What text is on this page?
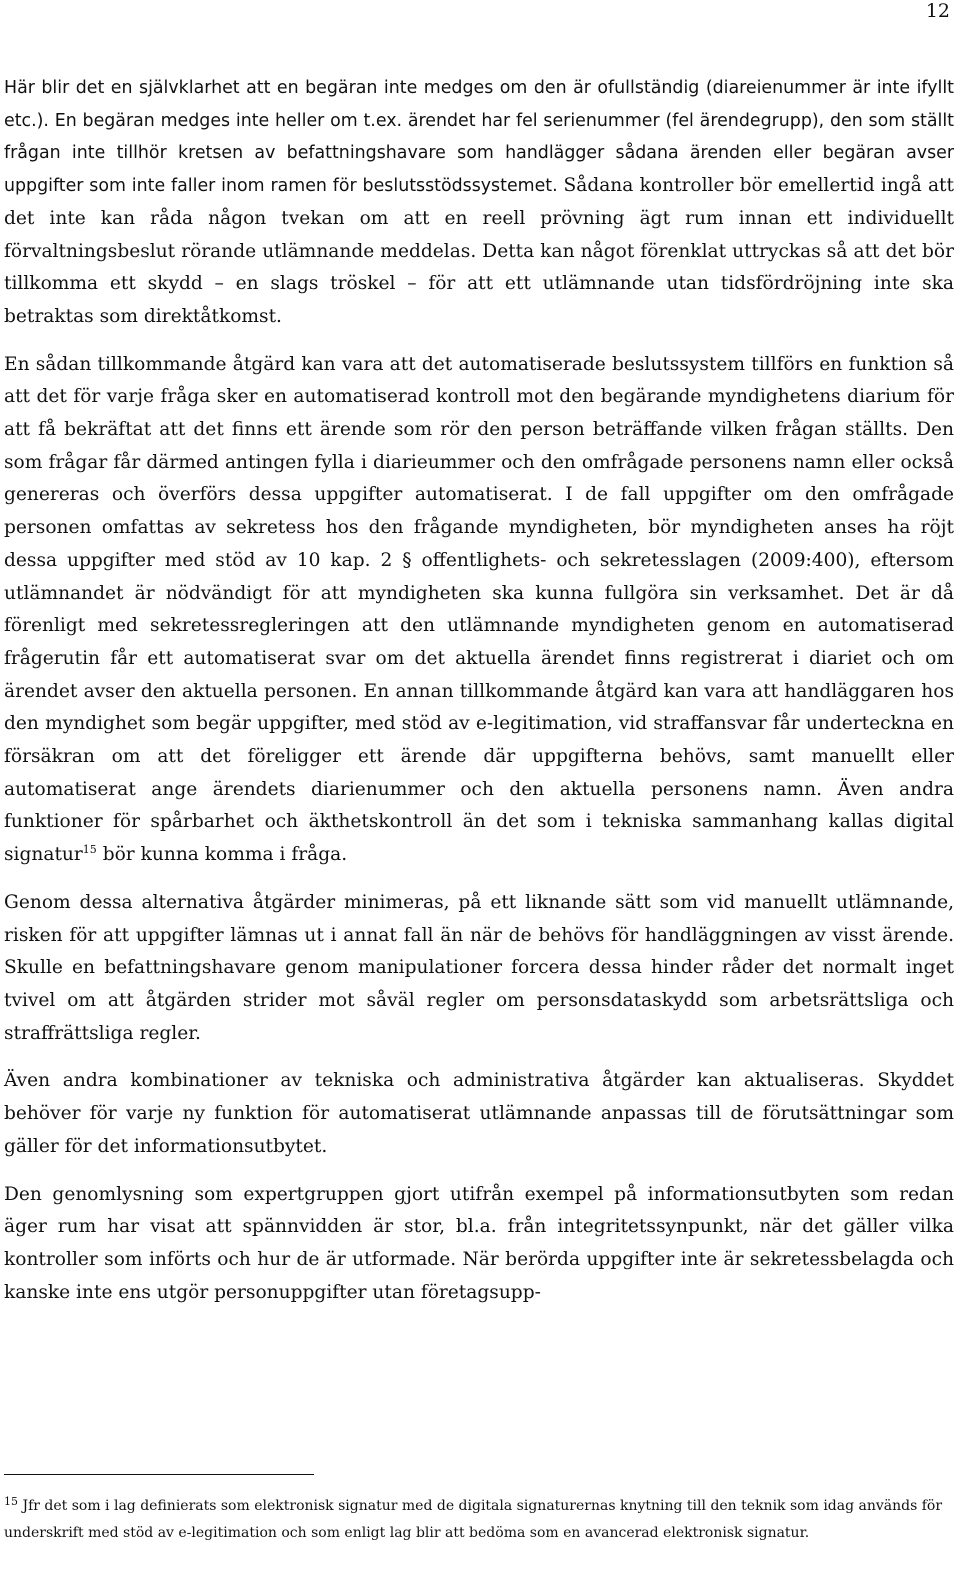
12

Här blir det en självklarhet att en begäran inte medges om den är ofullständig (diareienummer är inte ifyllt etc.). En begäran medges inte heller om t.ex. ärendet har fel serienummer (fel ärendegrupp), den som ställt frågan inte tillhör kretsen av befattningshavare som handlägger sådana ärenden eller begäran avser uppgifter som inte faller inom ramen för beslutsstödssystemet. Sådana kontroller bör emellertid ingå att det inte kan råda någon tvekan om att en reell prövning ägt rum innan ett individuellt förvaltningsbeslut rörande utlämnande meddelas. Detta kan något förenklat uttryckas så att det bör tillkomma ett skydd – en slags tröskel – för att ett utlämnande utan tidsfördröjning inte ska betraktas som direktåtkomst.

En sådan tillkommande åtgärd kan vara att det automatiserade beslutssystem tillförs en funktion så att det för varje fråga sker en automatiserad kontroll mot den begärande myndighetens diarium för att få bekräftat att det finns ett ärende som rör den person beträffande vilken frågan ställts. Den som frågar får därmed antingen fylla i diarieummer och den omfrågade personens namn eller också genereras och överförs dessa uppgifter automatiserat. I de fall uppgifter om den omfrågade personen omfattas av sekretess hos den frågande myndigheten, bör myndigheten anses ha röjt dessa uppgifter med stöd av 10 kap. 2 § offentlighets- och sekretesslagen (2009:400), eftersom utlämnandet är nödvändigt för att myndigheten ska kunna fullgöra sin verksamhet. Det är då förenligt med sekretessregleringen att den utlämnande myndigheten genom en automatiserad frågerutin får ett automatiserat svar om det aktuella ärendet finns registrerat i diariet och om ärendet avser den aktuella personen. En annan tillkommande åtgärd kan vara att handläggaren hos den myndighet som begär uppgifter, med stöd av e-legitimation, vid straffansvar får underteckna en försäkran om att det föreligger ett ärende där uppgifterna behövs, samt manuellt eller automatiserat ange ärendets diarienummer och den aktuella personens namn. Även andra funktioner för spårbarhet och äkthetskontroll än det som i tekniska sammanhang kallas digital signatur$^{15}$ bör kunna komma i fråga.

Genom dessa alternativa åtgärder minimeras, på ett liknande sätt som vid manuellt utlämnande, risken för att uppgifter lämnas ut i annat fall än när de behövs för handläggningen av visst ärende. Skulle en befattningshavare genom manipulationer forcera dessa hinder råder det normalt inget tvivel om att åtgärden strider mot såväl regler om personsdataskydd som arbetsrättsliga och straffrättsliga regler.

Även andra kombinationer av tekniska och administrativa åtgärder kan aktualiseras. Skyddet behöver för varje ny funktion för automatiserat utlämnande anpassas till de förutsättningar som gäller för det informationsutbytet.

Den genomlysning som expertgruppen gjort utifrån exempel på informationsutbyten som redan äger rum har visat att spännvidden är stor, bl.a. från integritetssynpunkt, när det gäller vilka kontroller som införts och hur de är utformade. När berörda uppgifter inte är sekretessbelagda och kanske inte ens utgör personuppgifter utan företagsupp-

$^{15}$ Jfr det som i lag definierats som elektronisk signatur med de digitala signaturernas knytning till den teknik som idag används för underskrift med stöd av e-legitimation och som enligt lag blir att bedöma som en avancerad elektronisk signatur.
